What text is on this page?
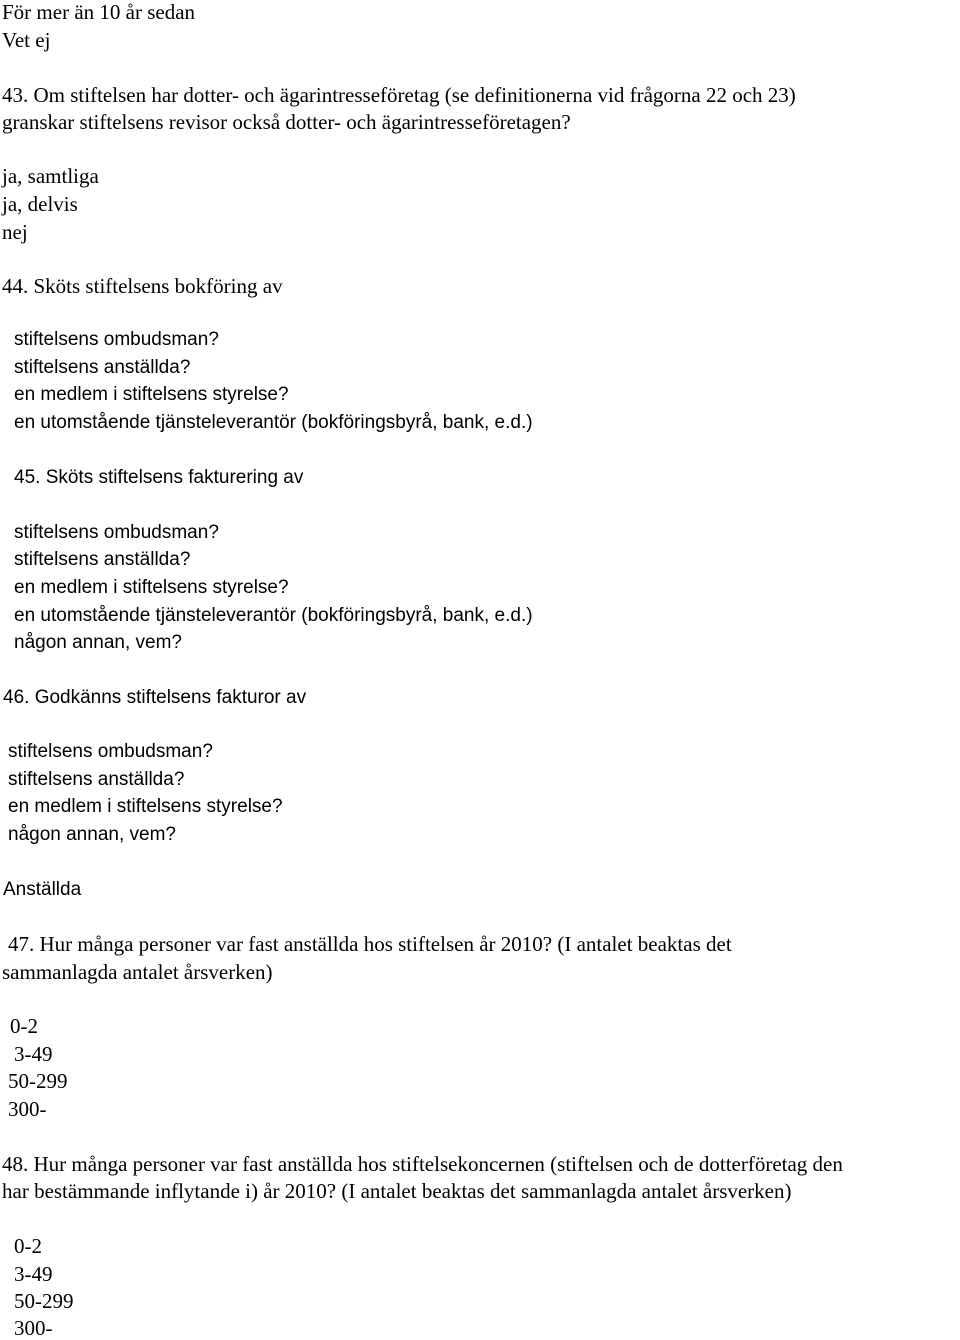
För mer än 10 år sedan

Vet ej

43. Om stiftelsen har dotter- och ägarintresseföretag (se definitionerna vid frågorna 22 och 23)

granskar stiftelsens revisor också dotter- och ägarintresseföretagen?

ja, samtliga

ja, delvis

nej

44. Sköts stiftelsens bokföring av

stiftelsens ombudsman?

stiftelsens anställda?

en medlem i stiftelsens styrelse?

en utomstående tjänsteleverantör (bokföringsbyrå, bank, e.d.)

45. Sköts stiftelsens fakturering av

stiftelsens ombudsman?

stiftelsens anställda?

en medlem i stiftelsens styrelse?

en utomstående tjänsteleverantör (bokföringsbyrå, bank, e.d.)

någon annan, vem?

46. Godkänns stiftelsens fakturor av

stiftelsens ombudsman?

stiftelsens anställda?

en medlem i stiftelsens styrelse?

någon annan, vem?

Anställda

47. Hur många personer var fast anställda hos stiftelsen år 2010? (I antalet beaktas det

sammanlagda antalet årsverken)

0-2

3-49

50-299

300-

48. Hur många personer var fast anställda hos stiftelsekoncernen (stiftelsen och de dotterföretag den

har bestämmande inflytande i) år 2010? (I antalet beaktas det sammanlagda antalet årsverken)

0-2

3-49

50-299

300-
